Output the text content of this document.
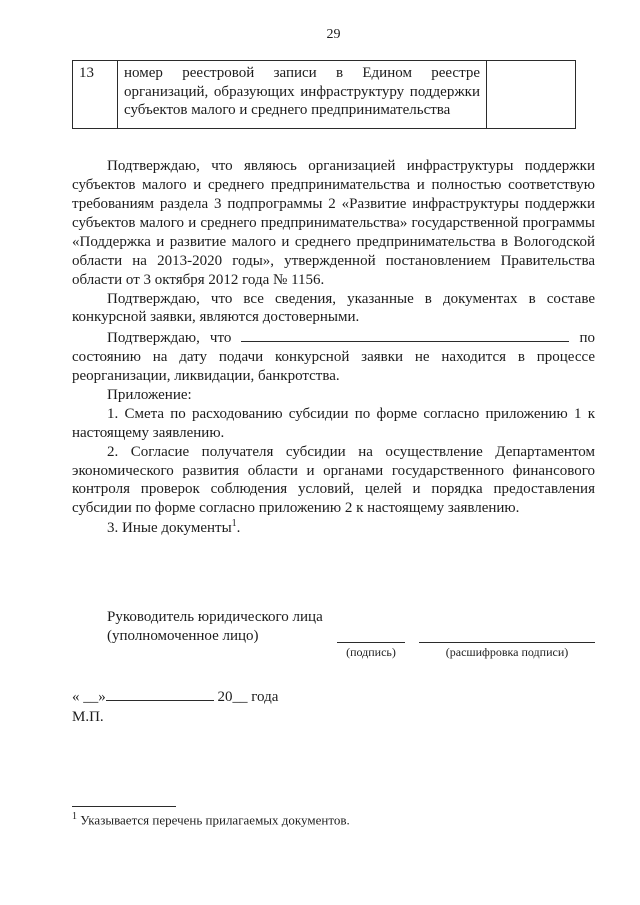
29
13	номер реестровой записи в Едином реестре организаций, образующих инфраструктуру поддержки субъектов малого и среднего предпринимательства	

Подтверждаю, что являюсь организацией инфраструктуры поддержки субъектов малого и среднего предпринимательства и полностью соответствую требованиям раздела 3 подпрограммы 2 «Развитие инфраструктуры поддержки субъектов малого и среднего предпринимательства» государственной программы «Поддержка и развитие малого и среднего предпринимательства в Вологодской области на 2013-2020 годы», утвержденной постановлением Правительства области от 3 октября 2012 года № 1156.

Подтверждаю, что все сведения, указанные в документах в составе конкурсной заявки, являются достоверными.

Подтверждаю, что	по состоянию на дату подачи конкурсной заявки не находится в процессе реорганизации, ликвидации, банкротства.

Приложение:

1. Смета по расходованию субсидии по форме согласно приложению 1 к настоящему заявлению.

2. Согласие получателя субсидии на осуществление Департаментом экономического развития области и органами государственного финансового контроля проверок соблюдения условий, целей и порядка предоставления субсидии по форме согласно приложению 2 к настоящему заявлению.

3. Иные документы$^1$.

Руководитель юридического лица
(уполномоченное лицо)
(подпись)	(расшифровка подписи)
« __»	20__ года
М.П.
$^1$ Указывается перечень прилагаемых документов.
